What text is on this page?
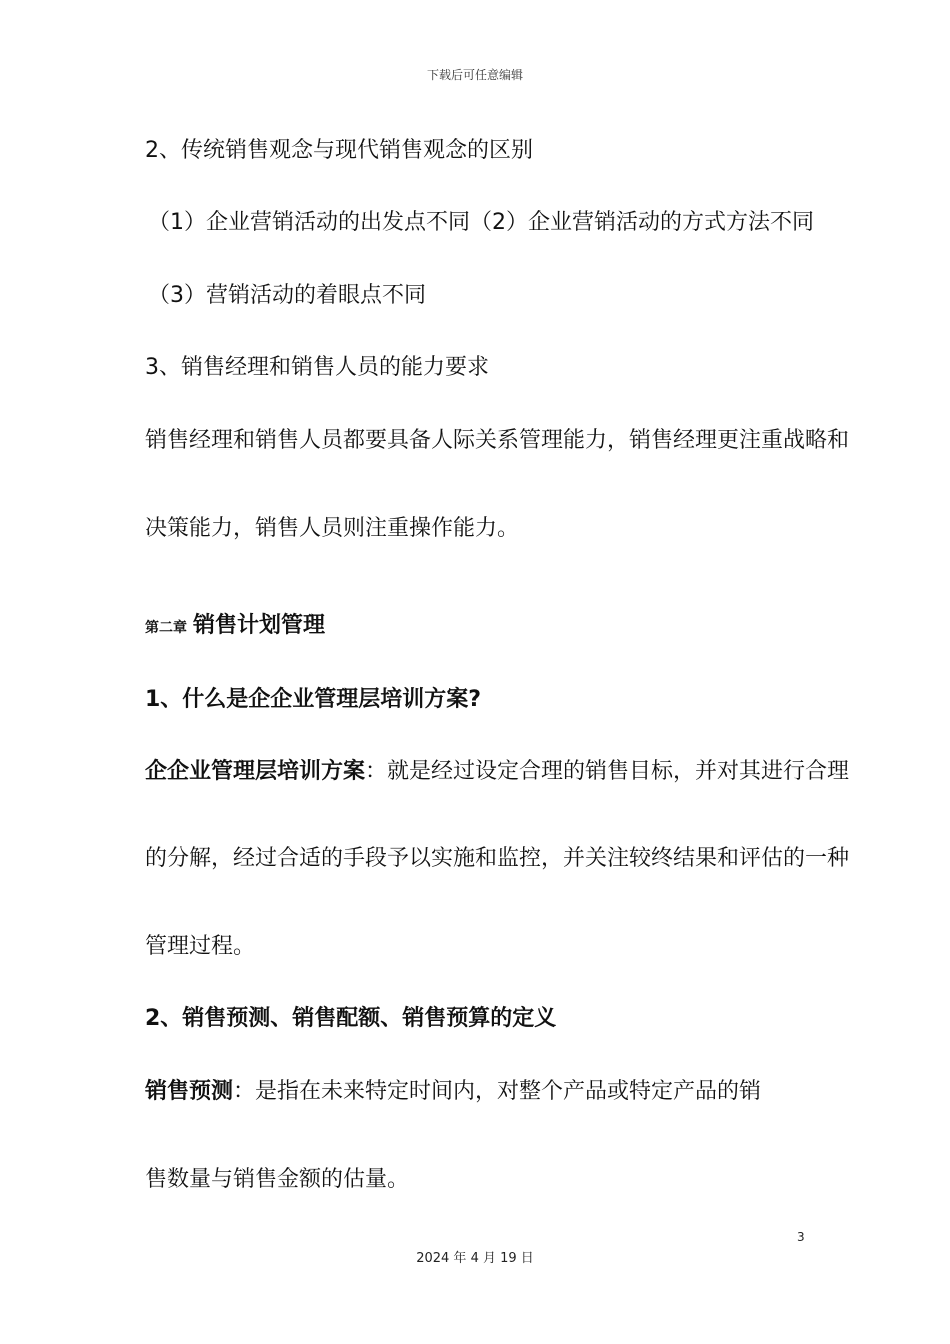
下载后可任意编辑
2、传统销售观念与现代销售观念的区别
（1）企业营销活动的出发点不同（2）企业营销活动的方式方法不同
（3）营销活动的着眼点不同
3、销售经理和销售人员的能力要求
销售经理和销售人员都要具备人际关系管理能力，销售经理更注重战略和
决策能力，销售人员则注重操作能力。
第二章 销售计划管理
1、什么是企企业管理层培训方案?
企企业管理层培训方案：就是经过设定合理的销售目标，并对其进行合理
的分解，经过合适的手段予以实施和监控，并关注较终结果和评估的一种
管理过程。
2、销售预测、销售配额、销售预算的定义
销售预测：是指在未来特定时间内，对整个产品或特定产品的销
售数量与销售金额的估量。
3
2024 年 4 月 19 日
